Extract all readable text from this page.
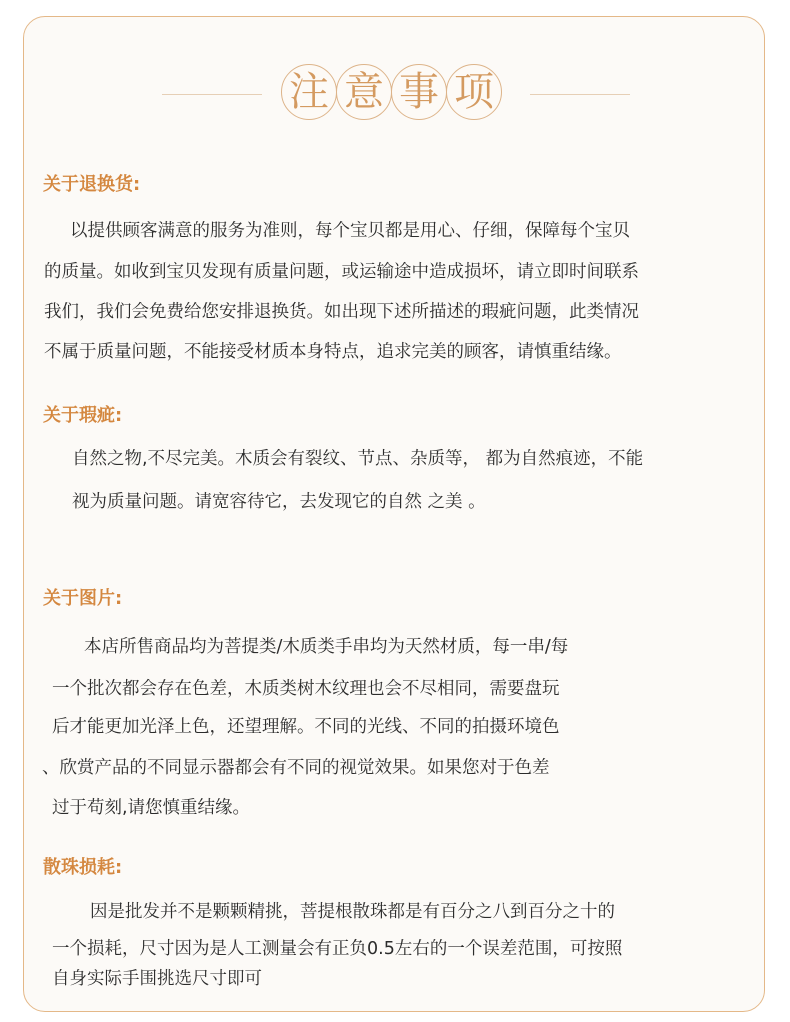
注 意 事 项
关于退换货:

以提供顾客满意的服务为准则，每个宝贝都是用心、仔细，保障每个宝贝

的质量。如收到宝贝发现有质量问题，或运输途中造成损坏，请立即时间联系

我们，我们会免费给您安排退换货。如出现下述所描述的瑕疵问题，此类情况

不属于质量问题，不能接受材质本身特点，追求完美的顾客，请慎重结缘。

关于瑕疵:

自然之物,不尽完美。木质会有裂纹、节点、杂质等， 都为自然痕迹，不能

视为质量问题。请宽容待它，去发现它的自然 之美 。

关于图片:

本店所售商品均为菩提类/木质类手串均为天然材质，每一串/每

一个批次都会存在色差，木质类树木纹理也会不尽相同，需要盘玩

后才能更加光泽上色，还望理解。不同的光线、不同的拍摄环境色

、欣赏产品的不同显示器都会有不同的视觉效果。如果您对于色差

过于苟刻,请您慎重结缘。

散珠损耗:

因是批发并不是颗颗精挑，菩提根散珠都是有百分之八到百分之十的

一个损耗，尺寸因为是人工测量会有正负0.5左右的一个误差范围，可按照

自身实际手围挑选尺寸即可
